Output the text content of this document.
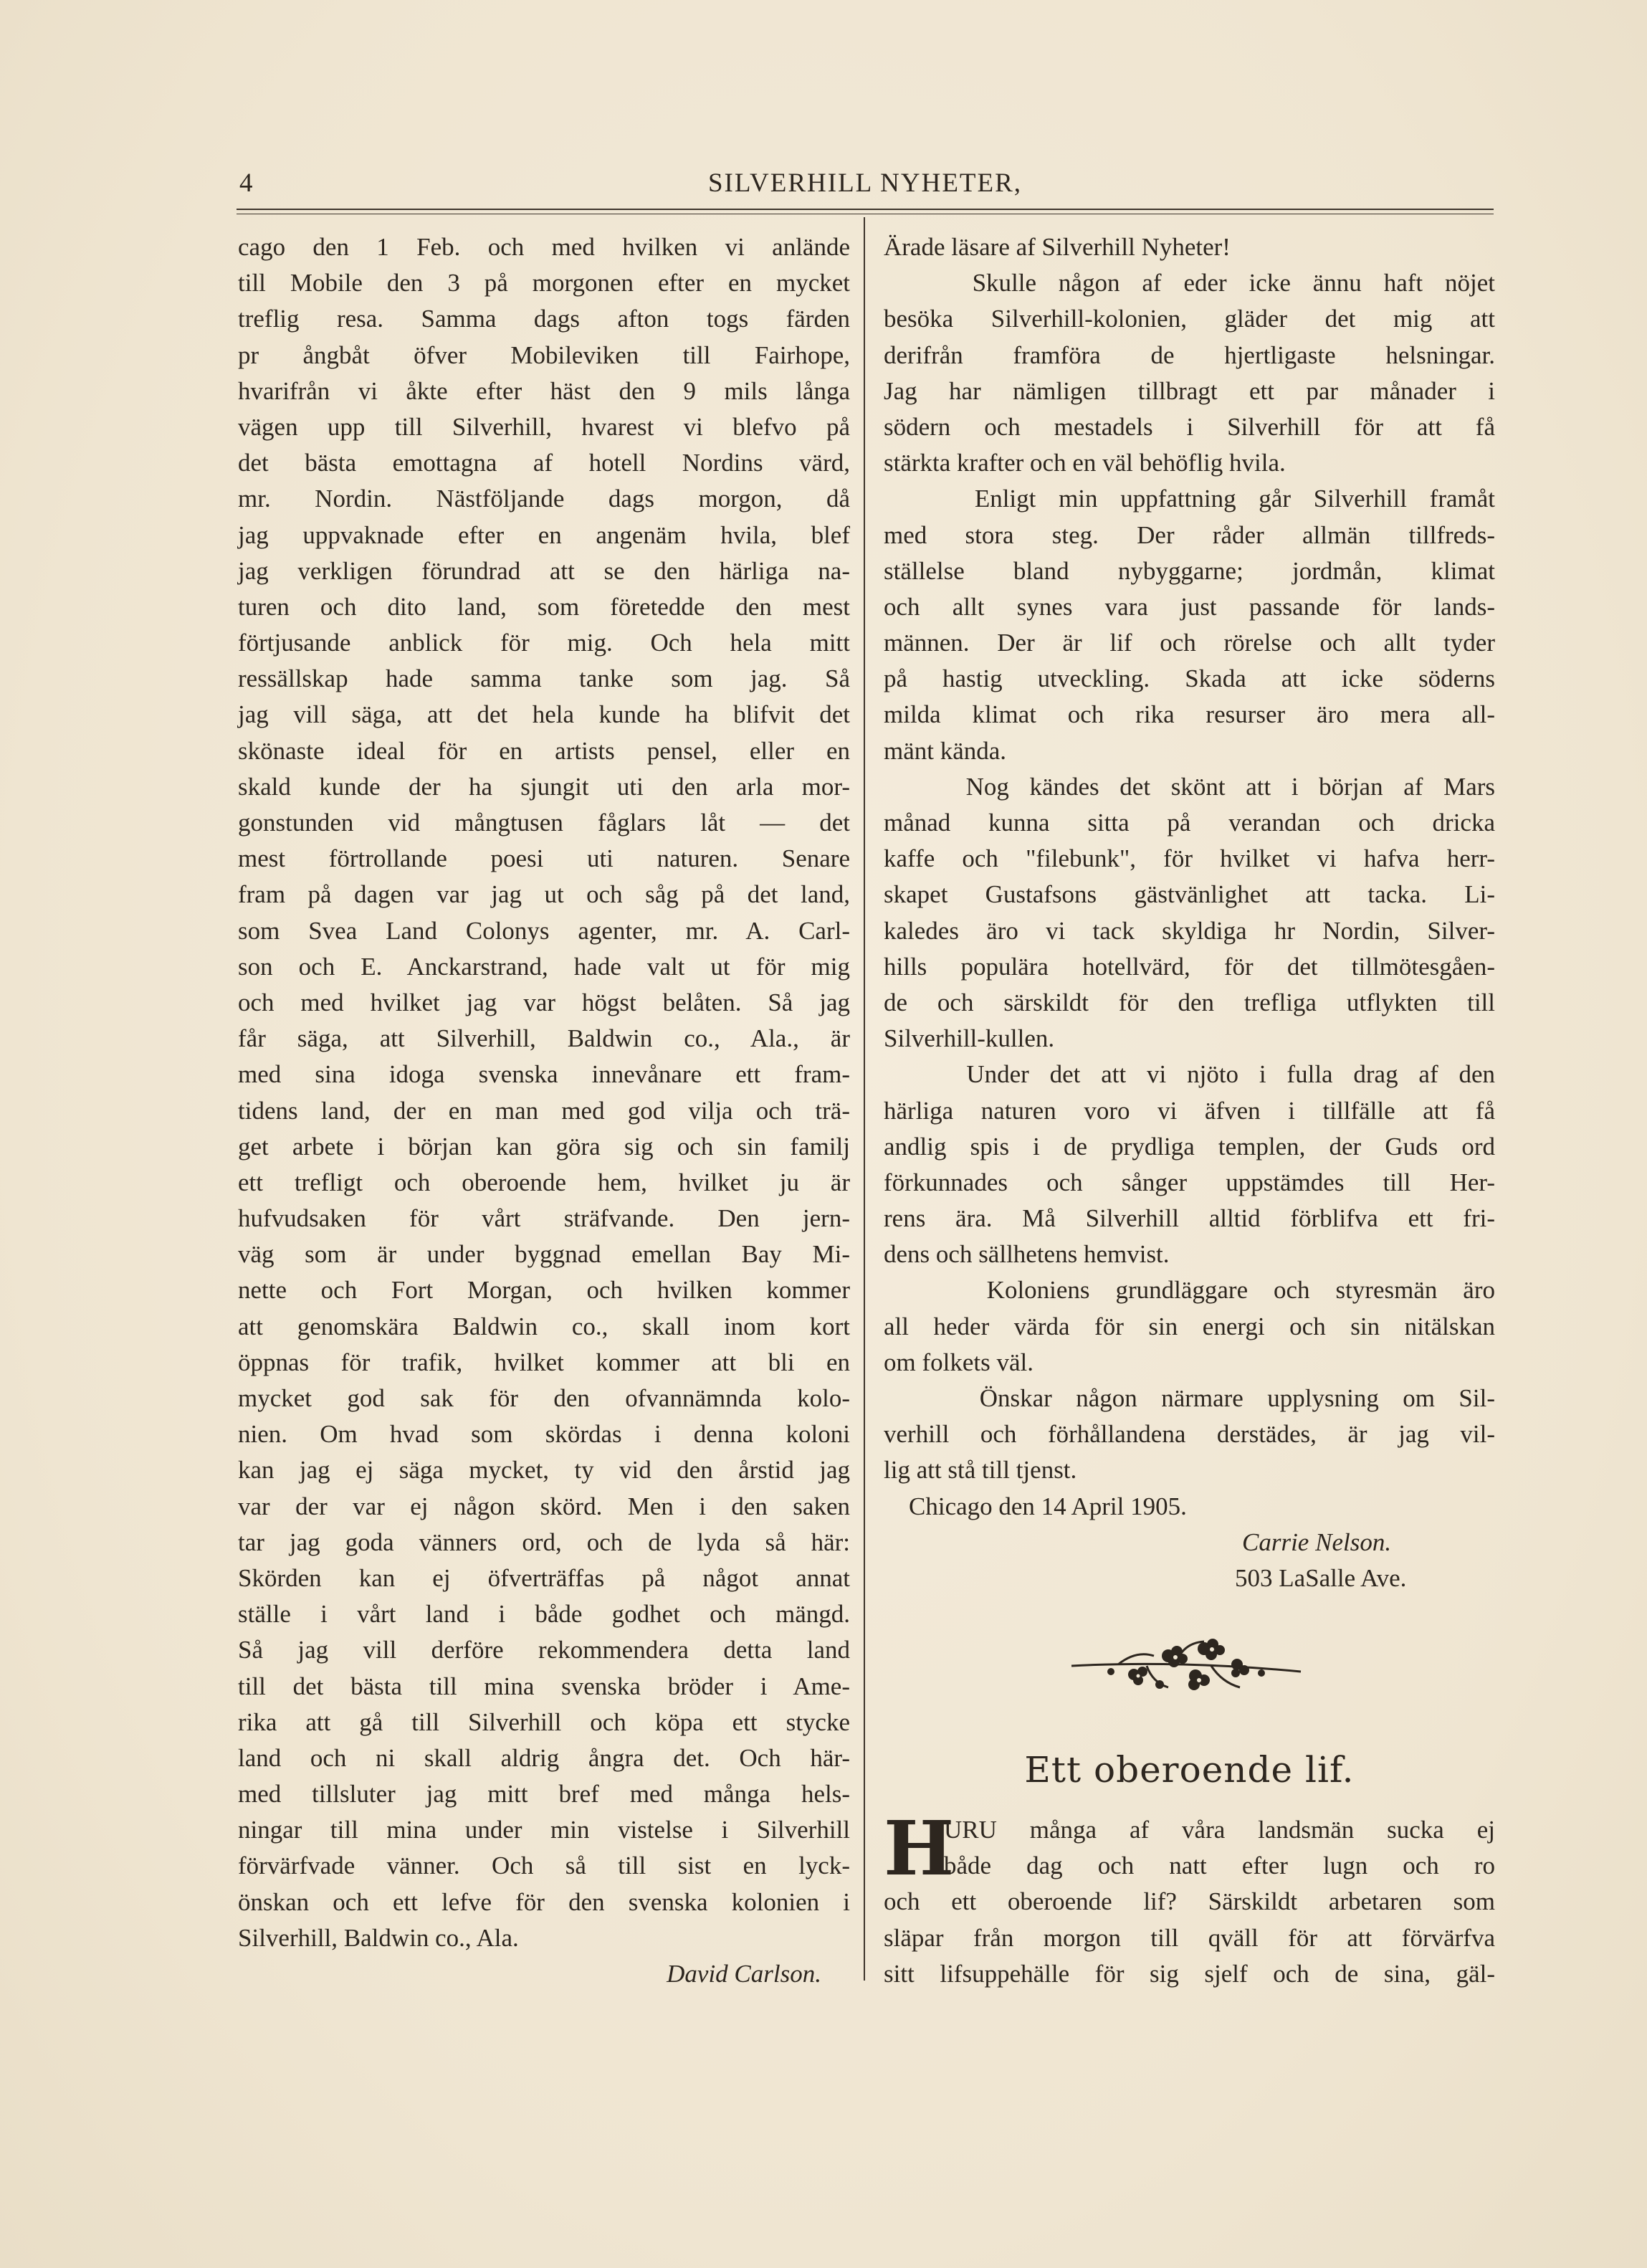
4	SILVERHILL NYHETER,
cago den 1 Feb. och med hvilken vi anlände
till Mobile den 3 på morgonen efter en mycket
treflig resa. Samma dags afton togs färden
pr ångbåt öfver Mobileviken till Fairhope,
hvarifrån vi åkte efter häst den 9 mils långa
vägen upp till Silverhill, hvarest vi blefvo på
det bästa emottagna af hotell Nordins värd,
mr. Nordin. Nästföljande dags morgon, då
jag uppvaknade efter en angenäm hvila, blef
jag verkligen förundrad att se den härliga na-
turen och dito land, som företedde den mest
förtjusande anblick för mig. Och hela mitt
ressällskap hade samma tanke som jag. Så
jag vill säga, att det hela kunde ha blifvit det
skönaste ideal för en artists pensel, eller en
skald kunde der ha sjungit uti den arla mor-
gonstunden vid mångtusen fåglars låt — det
mest förtrollande poesi uti naturen. Senare
fram på dagen var jag ut och såg på det land,
som Svea Land Colonys agenter, mr. A. Carl-
son och E. Anckarstrand, hade valt ut för mig
och med hvilket jag var högst belåten. Så jag
får säga, att Silverhill, Baldwin co., Ala., är
med sina idoga svenska innevånare ett fram-
tidens land, der en man med god vilja och trä-
get arbete i början kan göra sig och sin familj
ett trefligt och oberoende hem, hvilket ju är
hufvudsaken för vårt sträfvande. Den jern-
väg som är under byggnad emellan Bay Mi-
nette och Fort Morgan, och hvilken kommer
att genomskära Baldwin co., skall inom kort
öppnas för trafik, hvilket kommer att bli en
mycket god sak för den ofvannämnda kolo-
nien. Om hvad som skördas i denna koloni
kan jag ej säga mycket, ty vid den årstid jag
var der var ej någon skörd. Men i den saken
tar jag goda vänners ord, och de lyda så här:
Skörden kan ej öfverträffas på något annat
ställe i vårt land i både godhet och mängd.
Så jag vill derföre rekommendera detta land
till det bästa till mina svenska bröder i Ame-
rika att gå till Silverhill och köpa ett stycke
land och ni skall aldrig ångra det. Och här-
med tillsluter jag mitt bref med många hels-
ningar till mina under min vistelse i Silverhill
förvärfvade vänner. Och så till sist en lyck-
önskan och ett lefve för den svenska kolonien i
Silverhill, Baldwin co., Ala.
David Carlson.
Ärade läsare af Silverhill Nyheter!
Skulle någon af eder icke ännu haft nöjet
besöka Silverhill-kolonien, gläder det mig att
derifrån framföra de hjertligaste helsningar.
Jag har nämligen tillbragt ett par månader i
södern och mestadels i Silverhill för att få
stärkta krafter och en väl behöflig hvila.
Enligt min uppfattning går Silverhill framåt
med stora steg. Der råder allmän tillfreds-
ställelse bland nybyggarne; jordmån, klimat
och allt synes vara just passande för lands-
männen. Der är lif och rörelse och allt tyder
på hastig utveckling. Skada att icke söderns
milda klimat och rika resurser äro mera all-
mänt kända.
Nog kändes det skönt att i början af Mars
månad kunna sitta på verandan och dricka
kaffe och "filebunk", för hvilket vi hafva herr-
skapet Gustafsons gästvänlighet att tacka. Li-
kaledes äro vi tack skyldiga hr Nordin, Silver-
hills populära hotellvärd, för det tillmötesgåen-
de och särskildt för den trefliga utflykten till
Silverhill-kullen.
Under det att vi njöto i fulla drag af den
härliga naturen voro vi äfven i tillfälle att få
andlig spis i de prydliga templen, der Guds ord
förkunnades och sånger uppstämdes till Her-
rens ära. Må Silverhill alltid förblifva ett fri-
dens och sällhetens hemvist.
Koloniens grundläggare och styresmän äro
all heder värda för sin energi och sin nitälskan
om folkets väl.
Önskar någon närmare upplysning om Sil-
verhill och förhållandena derstädes, är jag vil-
lig att stå till tjenst.
Chicago den 14 April 1905.
Carrie Nelson.
503 LaSalle Ave.
Ett oberoende lif.
H
URU många af våra landsmän sucka ej
både dag och natt efter lugn och ro
och ett oberoende lif? Särskildt arbetaren som
släpar från morgon till qväll för att förvärfva
sitt lifsuppehälle för sig sjelf och de sina, gäl-
